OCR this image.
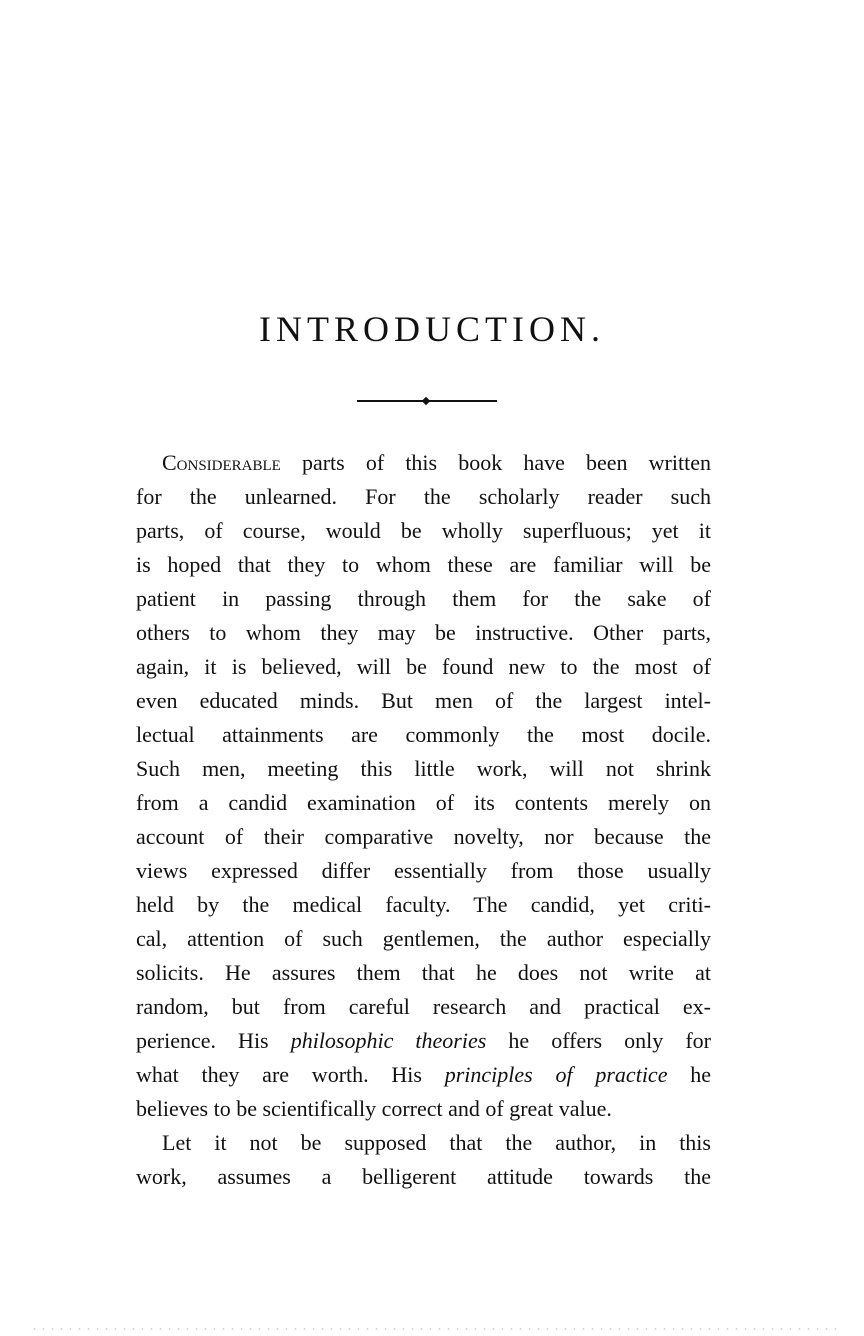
INTRODUCTION.
Considerable parts of this book have been written
for the unlearned. For the scholarly reader such
parts, of course, would be wholly superfluous; yet it
is hoped that they to whom these are familiar will be
patient in passing through them for the sake of
others to whom they may be instructive. Other parts,
again, it is believed, will be found new to the most of
even educated minds. But men of the largest intel-
lectual attainments are commonly the most docile.
Such men, meeting this little work, will not shrink
from a candid examination of its contents merely on
account of their comparative novelty, nor because the
views expressed differ essentially from those usually
held by the medical faculty. The candid, yet criti-
cal, attention of such gentlemen, the author especially
solicits. He assures them that he does not write at
random, but from careful research and practical ex-
perience. His philosophic theories he offers only for
what they are worth. His principles of practice he
believes to be scientifically correct and of great value.
Let it not be supposed that the author, in this
work, assumes a belligerent attitude towards the
